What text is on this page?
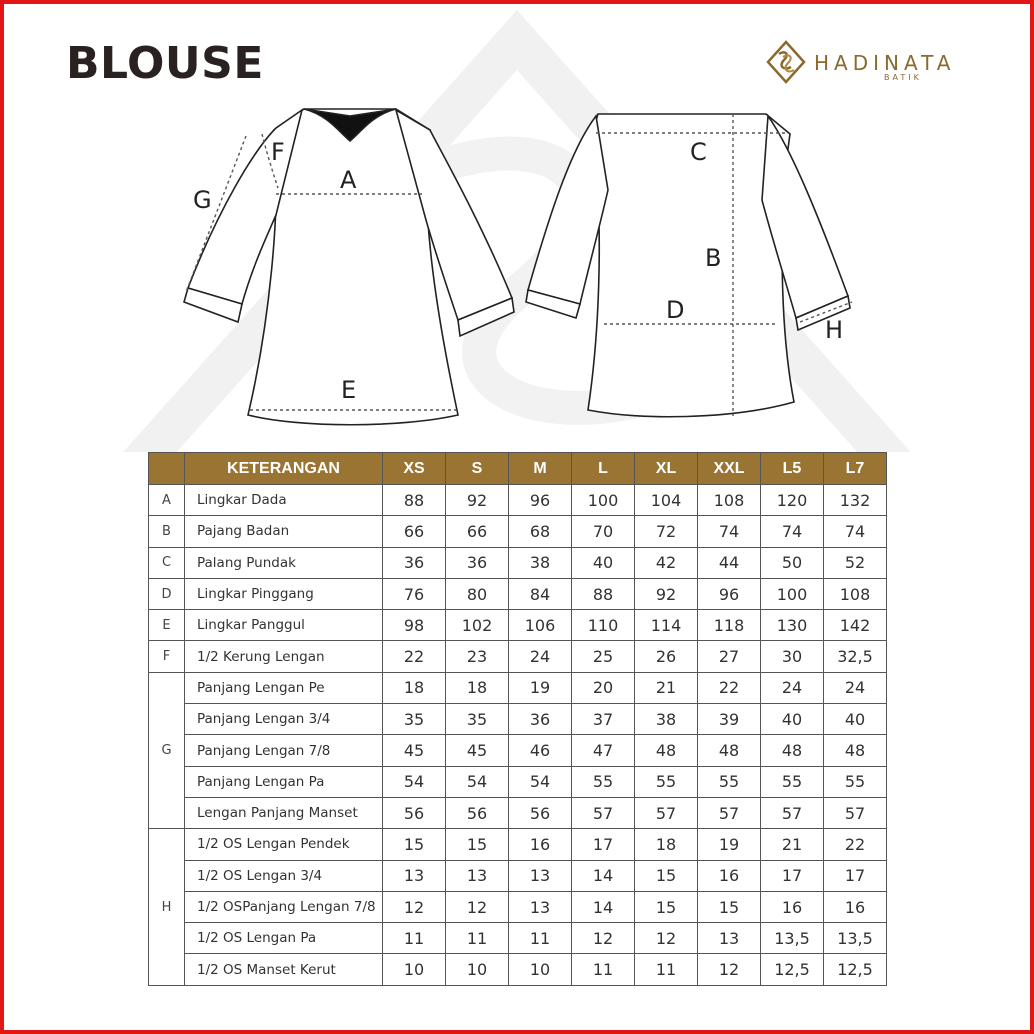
BLOUSE	HADINATA
BATIK
A
E
F
G
C
B
D
H
	KETERANGAN	XS	S	M	L	XL	XXL	L5	L7
A	Lingkar Dada	88	92	96	100	104	108	120	132
B	Pajang Badan	66	66	68	70	72	74	74	74
C	Palang Pundak	36	36	38	40	42	44	50	52
D	Lingkar Pinggang	76	80	84	88	92	96	100	108
E	Lingkar Panggul	98	102	106	110	114	118	130	142
F	1/2 Kerung Lengan	22	23	24	25	26	27	30	32,5
G	Panjang Lengan Pe	18	18	19	20	21	22	24	24
	Panjang Lengan 3/4	35	35	36	37	38	39	40	40
	Panjang Lengan 7/8	45	45	46	47	48	48	48	48
	Panjang Lengan Pa	54	54	54	55	55	55	55	55
	Lengan Panjang Manset	56	56	56	57	57	57	57	57
H	1/2 OS Lengan Pendek	15	15	16	17	18	19	21	22
	1/2 OS Lengan 3/4	13	13	13	14	15	16	17	17
	1/2 OSPanjang Lengan 7/8	12	12	13	14	15	15	16	16
	1/2 OS Lengan Pa	11	11	11	12	12	13	13,5	13,5
	1/2 OS Manset Kerut	10	10	10	11	11	12	12,5	12,5
